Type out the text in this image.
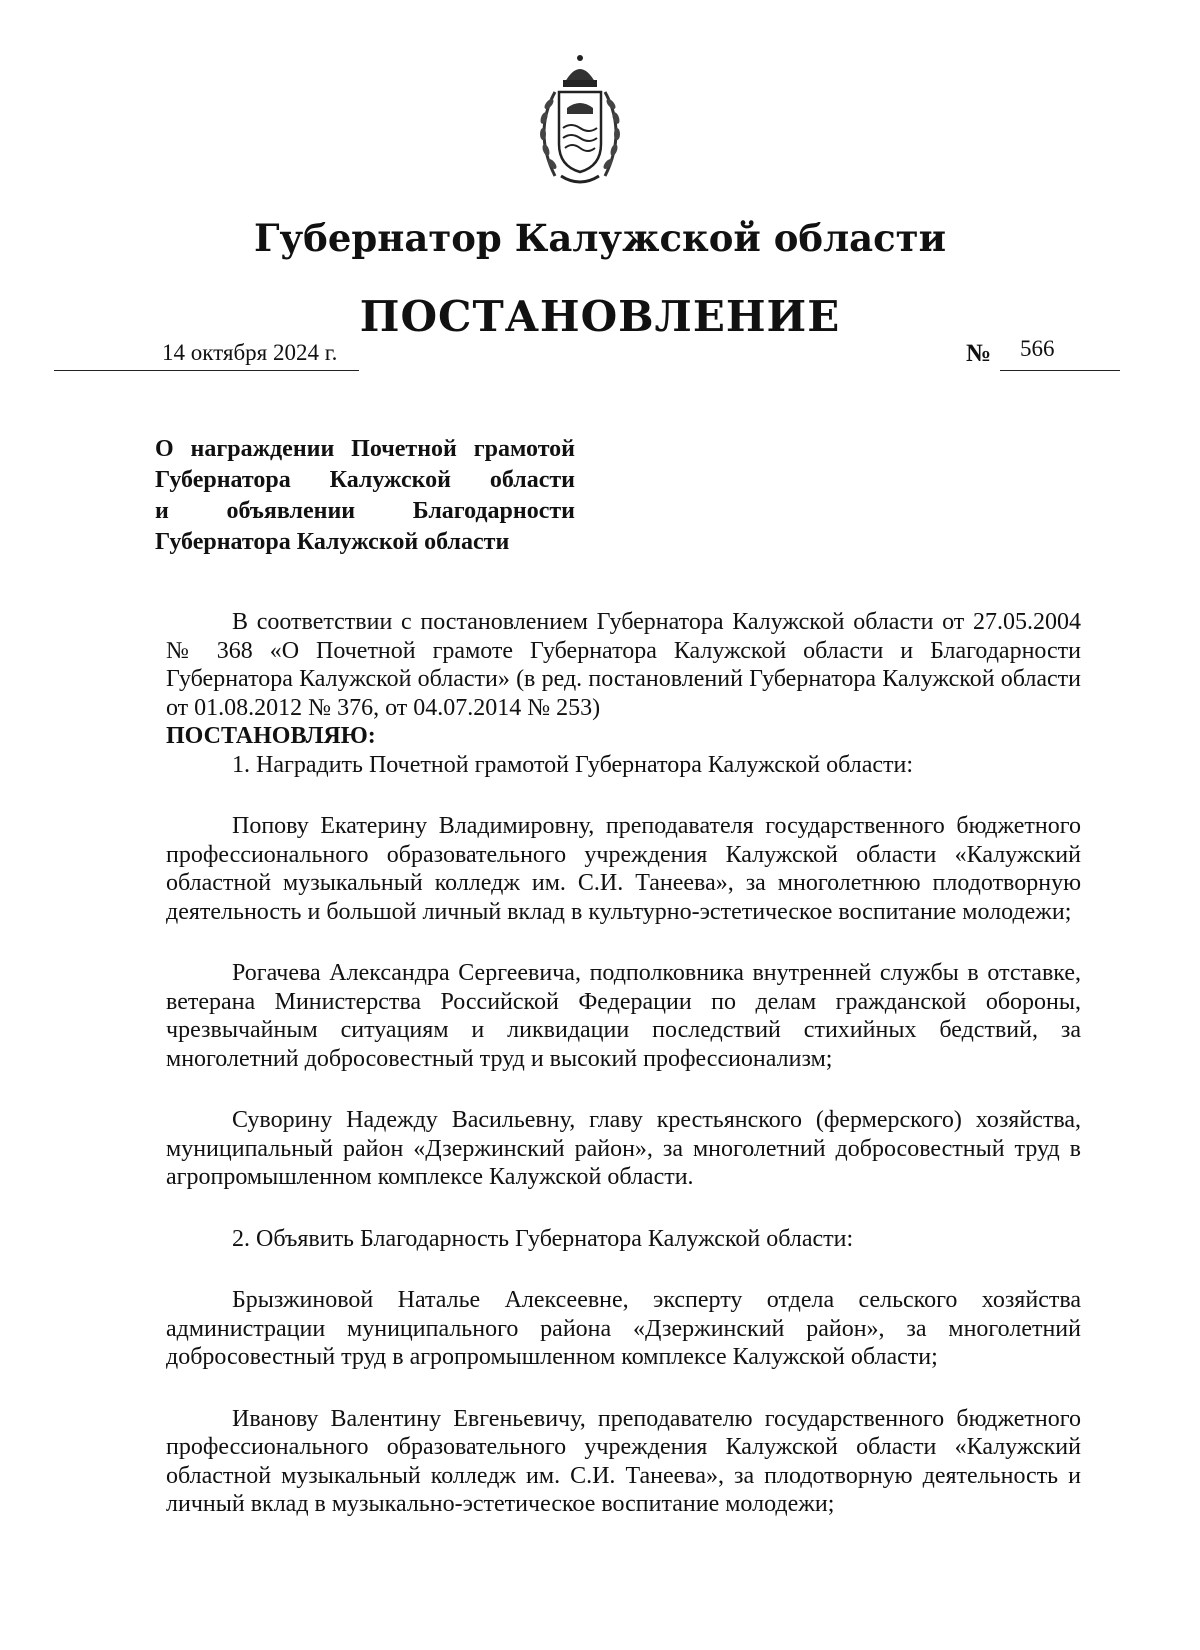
Губернатор Калужской области
ПОСТАНОВЛЕНИЕ
14 октября 2024 г.	№ 566
О награждении Почетной грамотой
Губернатора Калужской области
и объявлении Благодарности
Губернатора Калужской области

В соответствии с постановлением Губернатора Калужской области от 27.05.2004 № 368 «О Почетной грамоте Губернатора Калужской области и Благодарности Губернатора Калужской области» (в ред. постановлений Губернатора Калужской области от 01.08.2012 № 376, от 04.07.2014 № 253)

ПОСТАНОВЛЯЮ:

1. Наградить Почетной грамотой Губернатора Калужской области:

Попову Екатерину Владимировну, преподавателя государственного бюджетного профессионального образовательного учреждения Калужской области «Калужский областной музыкальный колледж им. С.И. Танеева», за многолетнюю плодотворную деятельность и большой личный вклад в культурно-эстетическое воспитание молодежи;

Рогачева Александра Сергеевича, подполковника внутренней службы в отставке, ветерана Министерства Российской Федерации по делам гражданской обороны, чрезвычайным ситуациям и ликвидации последствий стихийных бедствий, за многолетний добросовестный труд и высокий профессионализм;

Суворину Надежду Васильевну, главу крестьянского (фермерского) хозяйства, муниципальный район «Дзержинский район», за многолетний добросовестный труд в агропромышленном комплексе Калужской области.

2. Объявить Благодарность Губернатора Калужской области:

Брызжиновой Наталье Алексеевне, эксперту отдела сельского хозяйства администрации муниципального района «Дзержинский район», за многолетний добросовестный труд в агропромышленном комплексе Калужской области;

Иванову Валентину Евгеньевичу, преподавателю государственного бюджетного профессионального образовательного учреждения Калужской области «Калужский областной музыкальный колледж им. С.И. Танеева», за плодотворную деятельность и личный вклад в музыкально-эстетическое воспитание молодежи;
